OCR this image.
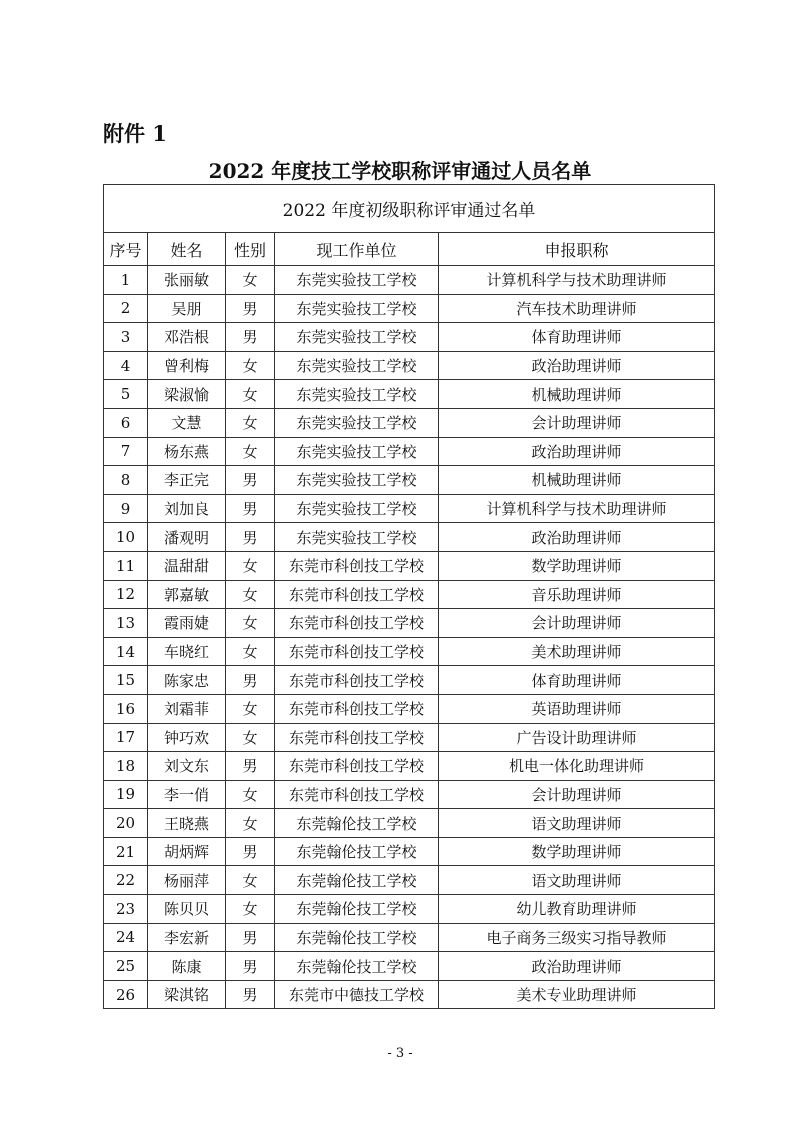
附件 1
2022 年度技工学校职称评审通过人员名单
2022 年度初级职称评审通过名单				
序号	姓名	性别	现工作单位	申报职称
1	张丽敏	女	东莞实验技工学校	计算机科学与技术助理讲师
2	吴朋	男	东莞实验技工学校	汽车技术助理讲师
3	邓浩根	男	东莞实验技工学校	体育助理讲师
4	曾利梅	女	东莞实验技工学校	政治助理讲师
5	梁淑愉	女	东莞实验技工学校	机械助理讲师
6	文慧	女	东莞实验技工学校	会计助理讲师
7	杨东燕	女	东莞实验技工学校	政治助理讲师
8	李正完	男	东莞实验技工学校	机械助理讲师
9	刘加良	男	东莞实验技工学校	计算机科学与技术助理讲师
10	潘观明	男	东莞实验技工学校	政治助理讲师
11	温甜甜	女	东莞市科创技工学校	数学助理讲师
12	郭嘉敏	女	东莞市科创技工学校	音乐助理讲师
13	霞雨婕	女	东莞市科创技工学校	会计助理讲师
14	车晓红	女	东莞市科创技工学校	美术助理讲师
15	陈家忠	男	东莞市科创技工学校	体育助理讲师
16	刘霜菲	女	东莞市科创技工学校	英语助理讲师
17	钟巧欢	女	东莞市科创技工学校	广告设计助理讲师
18	刘文东	男	东莞市科创技工学校	机电一体化助理讲师
19	李一俏	女	东莞市科创技工学校	会计助理讲师
20	王晓燕	女	东莞翰伦技工学校	语文助理讲师
21	胡炳辉	男	东莞翰伦技工学校	数学助理讲师
22	杨丽萍	女	东莞翰伦技工学校	语文助理讲师
23	陈贝贝	女	东莞翰伦技工学校	幼儿教育助理讲师
24	李宏新	男	东莞翰伦技工学校	电子商务三级实习指导教师
25	陈康	男	东莞翰伦技工学校	政治助理讲师
26	梁淇铭	男	东莞市中德技工学校	美术专业助理讲师
- 3 -
